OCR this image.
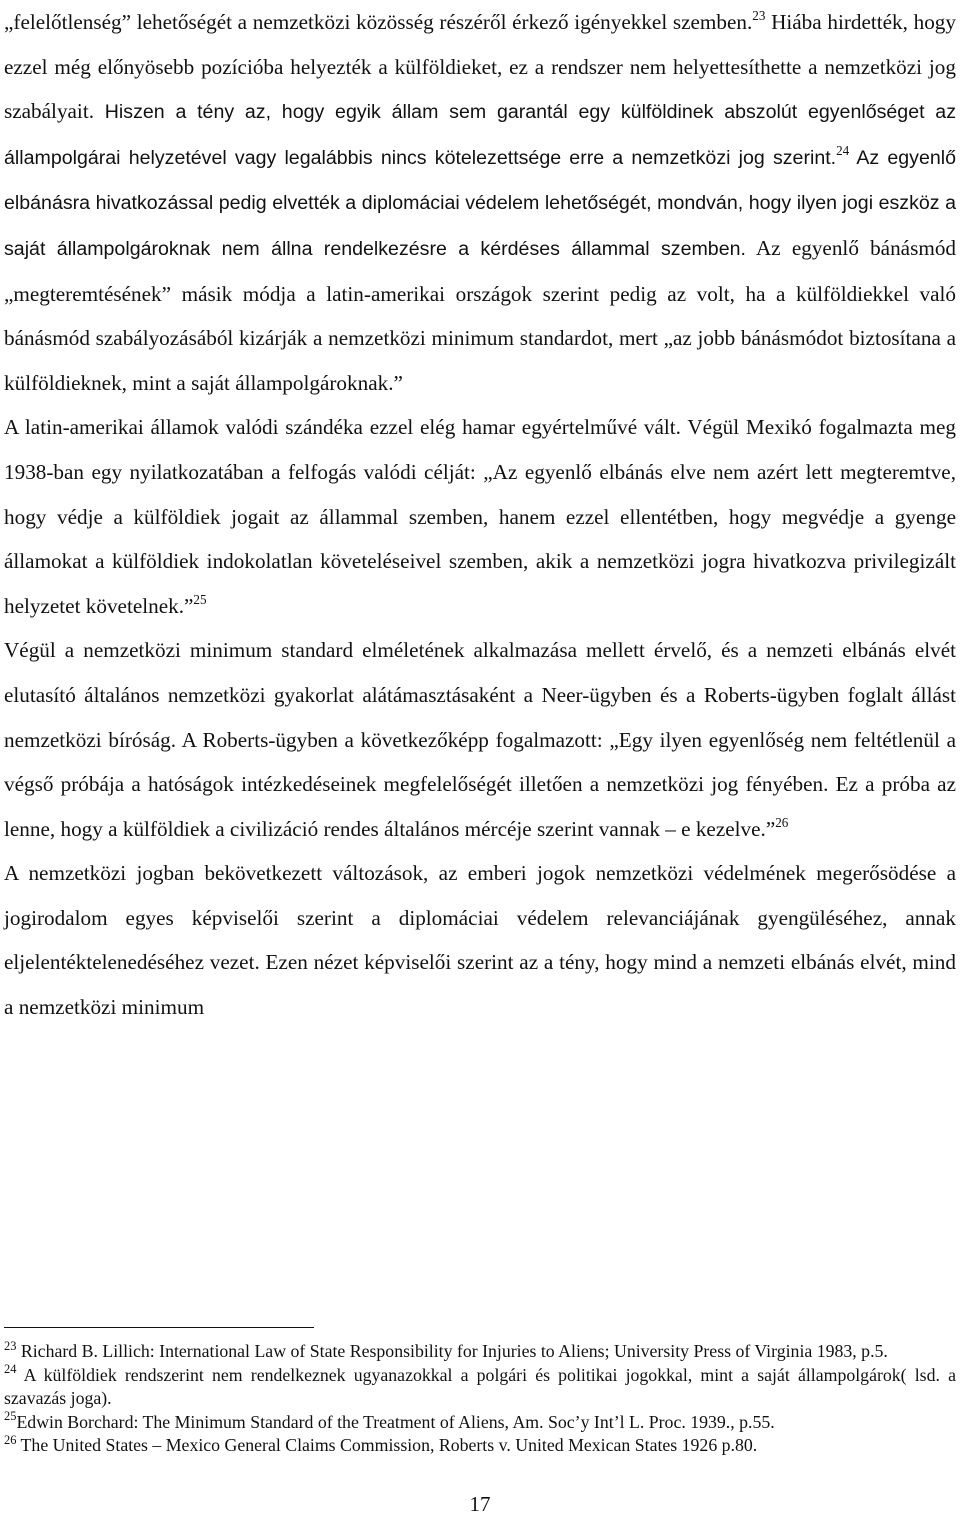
„felelőtlenség” lehetőségét a nemzetközi közösség részéről érkező igényekkel szemben.$^{23}$ Hiába hirdették, hogy ezzel még előnyösebb pozícióba helyezték a külföldieket, ez a rendszer nem helyettesíthette a nemzetközi jog szabályait. Hiszen a tény az, hogy egyik állam sem garantál egy külföldinek abszolút egyenlőséget az állampolgárai helyzetével vagy legalábbis nincs kötelezettsége erre a nemzetközi jog szerint.$^{24}$ Az egyenlő elbánásra hivatkozással pedig elvették a diplomáciai védelem lehetőségét, mondván, hogy ilyen jogi eszköz a saját állampolgároknak nem állna rendelkezésre a kérdéses állammal szemben. Az egyenlő bánásmód „megteremtésének” másik módja a latin-amerikai országok szerint pedig az volt, ha a külföldiekkel való bánásmód szabályozásából kizárják a nemzetközi minimum standardot, mert „az jobb bánásmódot biztosítana a külföldieknek, mint a saját állampolgároknak.”

A latin-amerikai államok valódi szándéka ezzel elég hamar egyértelművé vált. Végül Mexikó fogalmazta meg 1938-ban egy nyilatkozatában a felfogás valódi célját: „Az egyenlő elbánás elve nem azért lett megteremtve, hogy védje a külföldiek jogait az állammal szemben, hanem ezzel ellentétben, hogy megvédje a gyenge államokat a külföldiek indokolatlan követeléseivel szemben, akik a nemzetközi jogra hivatkozva privilegizált helyzetet követelnek.”$^{25}$

Végül a nemzetközi minimum standard elméletének alkalmazása mellett érvelő, és a nemzeti elbánás elvét elutasító általános nemzetközi gyakorlat alátámasztásaként a Neer-ügyben és a Roberts-ügyben foglalt állást nemzetközi bíróság. A Roberts-ügyben a következőképp fogalmazott: „Egy ilyen egyenlőség nem feltétlenül a végső próbája a hatóságok intézkedéseinek megfelelőségét illetően a nemzetközi jog fényében. Ez a próba az lenne, hogy a külföldiek a civilizáció rendes általános mércéje szerint vannak – e kezelve.”$^{26}$

A nemzetközi jogban bekövetkezett változások, az emberi jogok nemzetközi védelmének megerősödése a jogirodalom egyes képviselői szerint a diplomáciai védelem relevanciájának gyengüléséhez, annak eljelentéktelenedéséhez vezet. Ezen nézet képviselői szerint az a tény, hogy mind a nemzeti elbánás elvét, mind a nemzetközi minimum

$^{23}$ Richard B. Lillich: International Law of State Responsibility for Injuries to Aliens; University Press of Virginia 1983, p.5.

$^{24}$ A külföldiek rendszerint nem rendelkeznek ugyanazokkal a polgári és politikai jogokkal, mint a saját állampolgárok( lsd. a szavazás joga).

$^{25}$Edwin Borchard: The Minimum Standard of the Treatment of Aliens, Am. Soc’y Int’l L. Proc. 1939., p.55.

$^{26}$ The United States – Mexico General Claims Commission, Roberts v. United Mexican States 1926 p.80.

17
